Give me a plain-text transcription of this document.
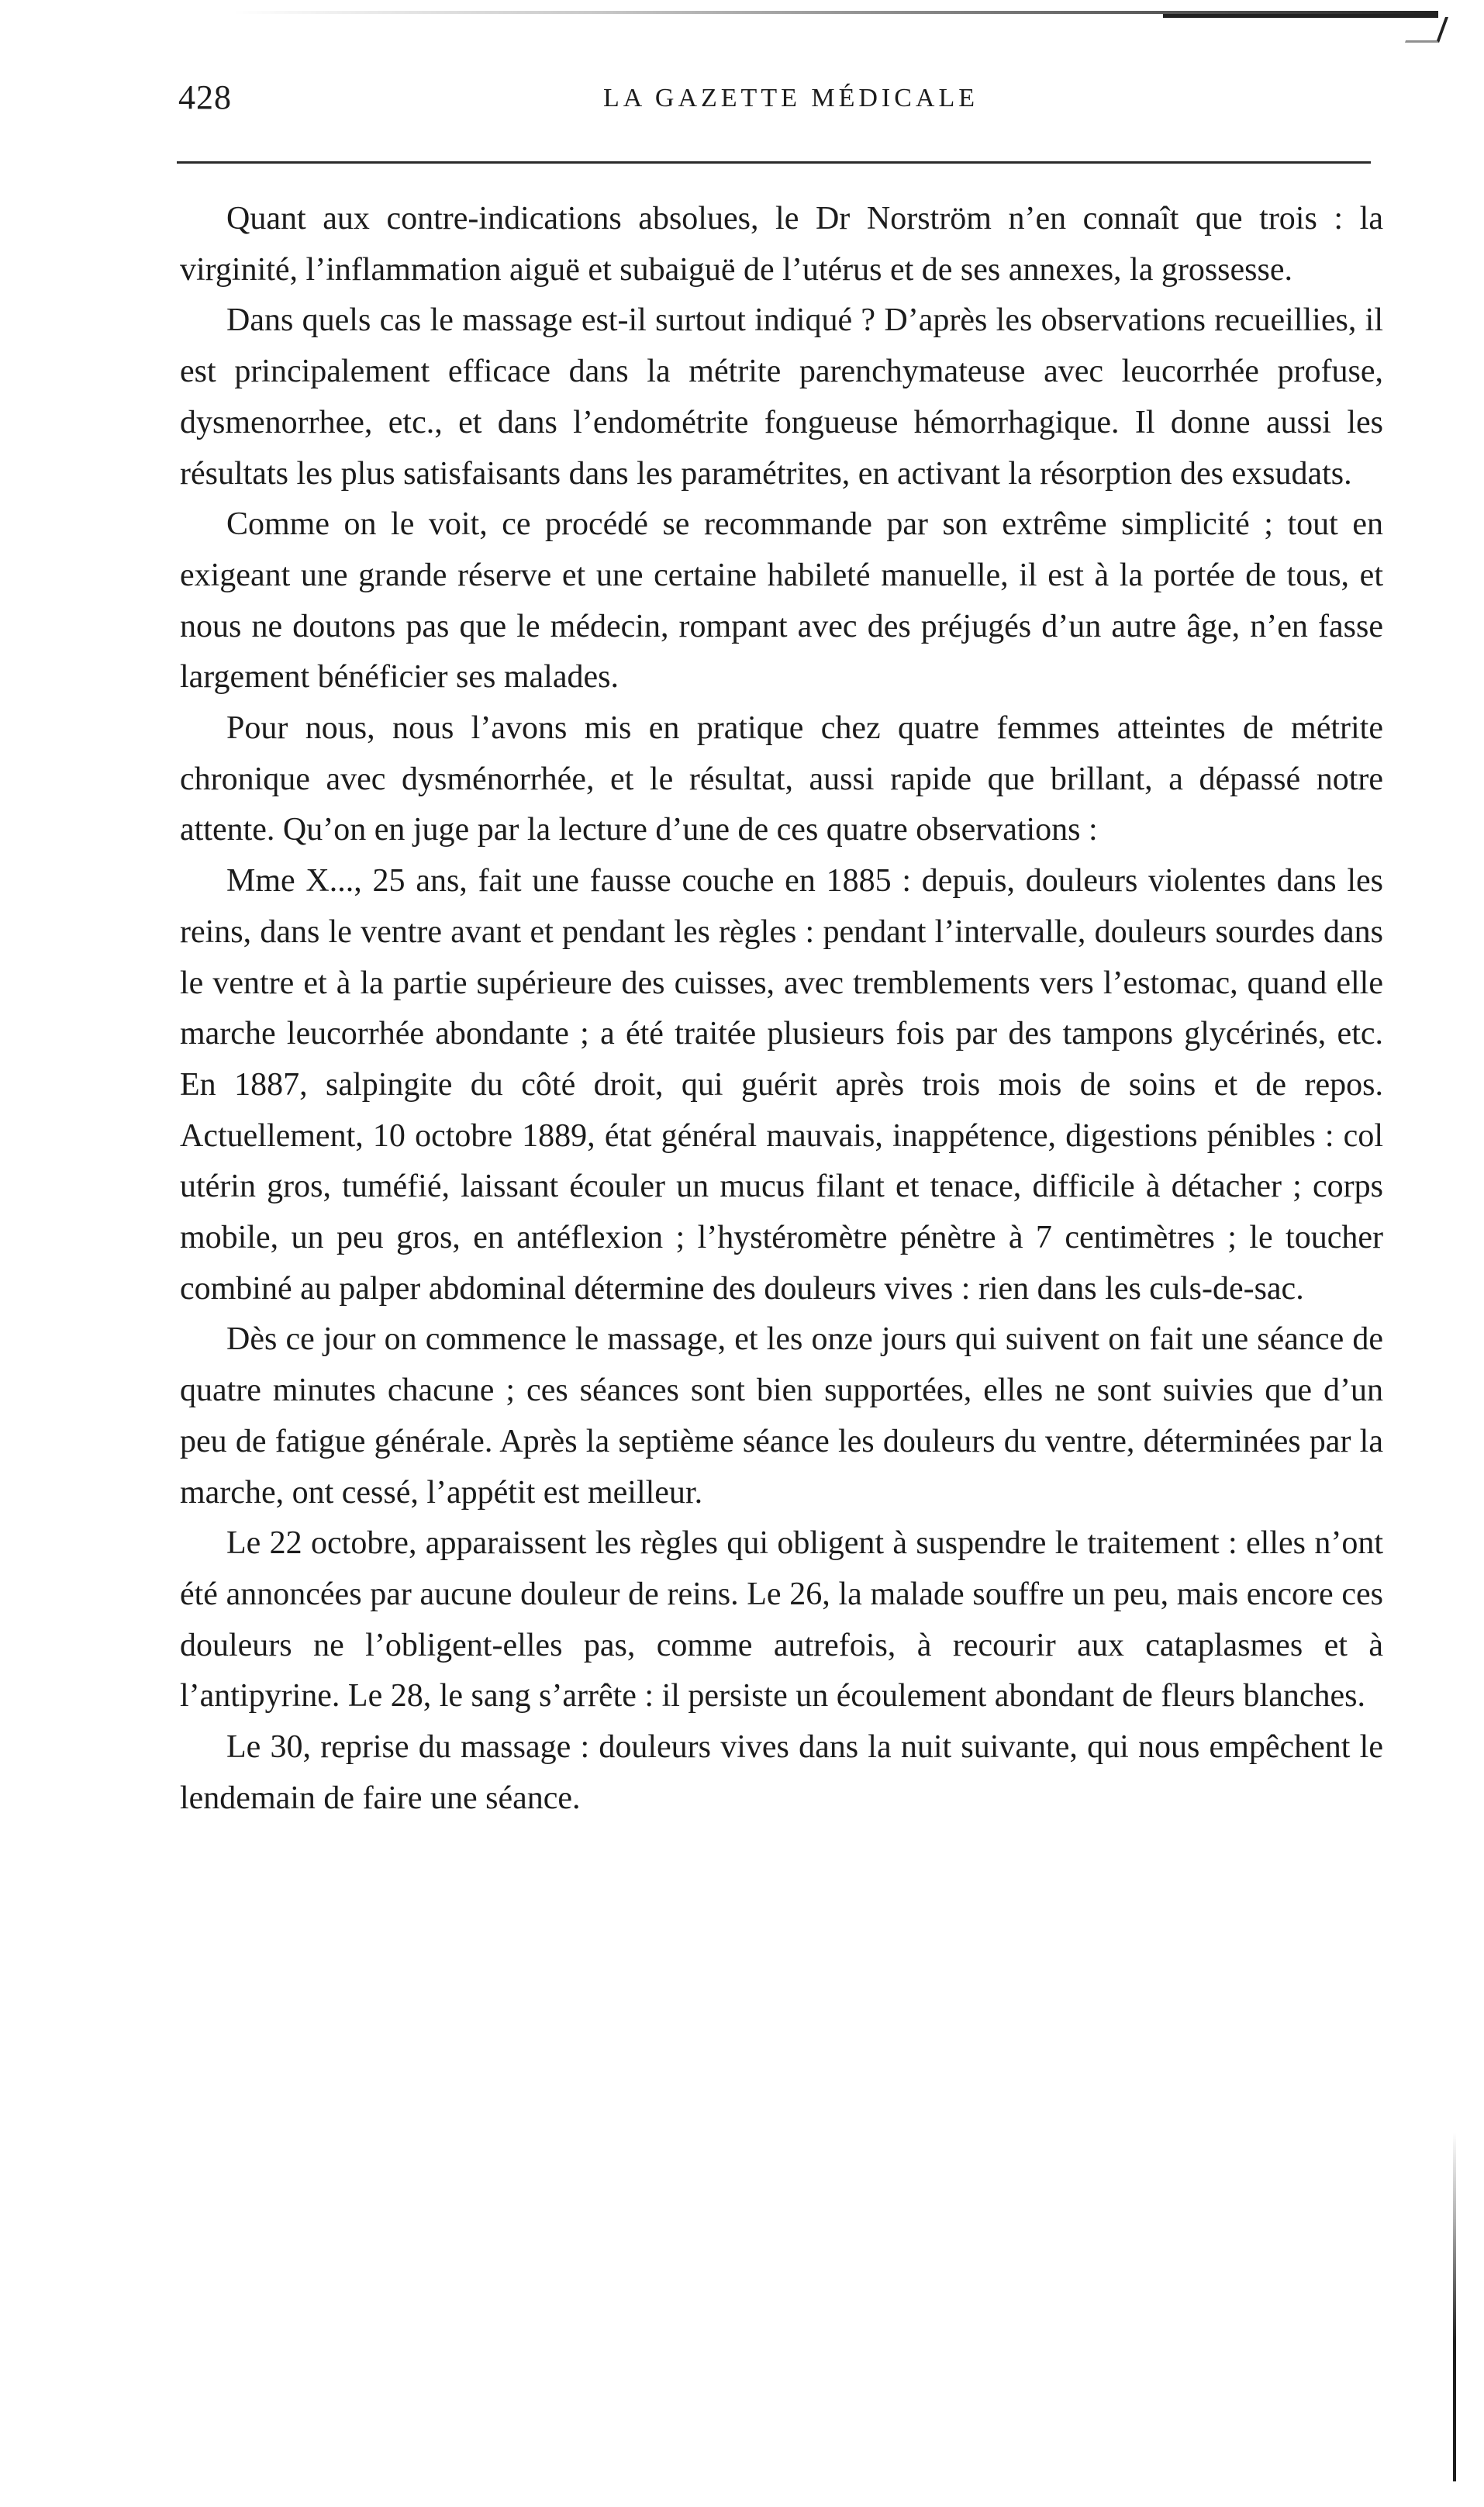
428	LA GAZETTE MÉDICALE

Quant aux contre-indications absolues, le Dr Norström n’en connaît que trois : la virginité, l’inflammation aiguë et subaiguë de l’utérus et de ses annexes, la grossesse.

Dans quels cas le massage est-il surtout indiqué ? D’après les observations recueillies, il est principalement efficace dans la métrite parenchymateuse avec leucorrhée profuse, dysmenorrhee, etc., et dans l’endométrite fongueuse hémorrhagique. Il donne aussi les résultats les plus satisfaisants dans les paramétrites, en activant la résorption des exsudats.

Comme on le voit, ce procédé se recommande par son extrême simplicité ; tout en exigeant une grande réserve et une certaine habileté manuelle, il est à la portée de tous, et nous ne doutons pas que le médecin, rompant avec des préjugés d’un autre âge, n’en fasse largement bénéficier ses malades.

Pour nous, nous l’avons mis en pratique chez quatre femmes atteintes de métrite chronique avec dysménorrhée, et le résultat, aussi rapide que brillant, a dépassé notre attente. Qu’on en juge par la lecture d’une de ces quatre observations :

Mme X..., 25 ans, fait une fausse couche en 1885 : depuis, douleurs violentes dans les reins, dans le ventre avant et pendant les règles : pendant l’intervalle, douleurs sourdes dans le ventre et à la partie supérieure des cuisses, avec tremblements vers l’estomac, quand elle marche leucorrhée abondante ; a été traitée plusieurs fois par des tampons glycérinés, etc. En 1887, salpingite du côté droit, qui guérit après trois mois de soins et de repos. Actuellement, 10 octobre 1889, état général mauvais, inappétence, digestions pénibles : col utérin gros, tuméfié, laissant écouler un mucus filant et tenace, difficile à détacher ; corps mobile, un peu gros, en antéflexion ; l’hystéromètre pénètre à 7 centimètres ; le toucher combiné au palper abdominal détermine des douleurs vives : rien dans les culs-de-sac.

Dès ce jour on commence le massage, et les onze jours qui suivent on fait une séance de quatre minutes chacune ; ces séances sont bien supportées, elles ne sont suivies que d’un peu de fatigue générale. Après la septième séance les douleurs du ventre, déterminées par la marche, ont cessé, l’appétit est meilleur.

Le 22 octobre, apparaissent les règles qui obligent à suspendre le traitement : elles n’ont été annoncées par aucune douleur de reins. Le 26, la malade souffre un peu, mais encore ces douleurs ne l’obligent-elles pas, comme autrefois, à recourir aux cataplasmes et à l’antipyrine. Le 28, le sang s’arrête : il persiste un écoulement abondant de fleurs blanches.

Le 30, reprise du massage : douleurs vives dans la nuit suivante, qui nous empêchent le lendemain de faire une séance.
